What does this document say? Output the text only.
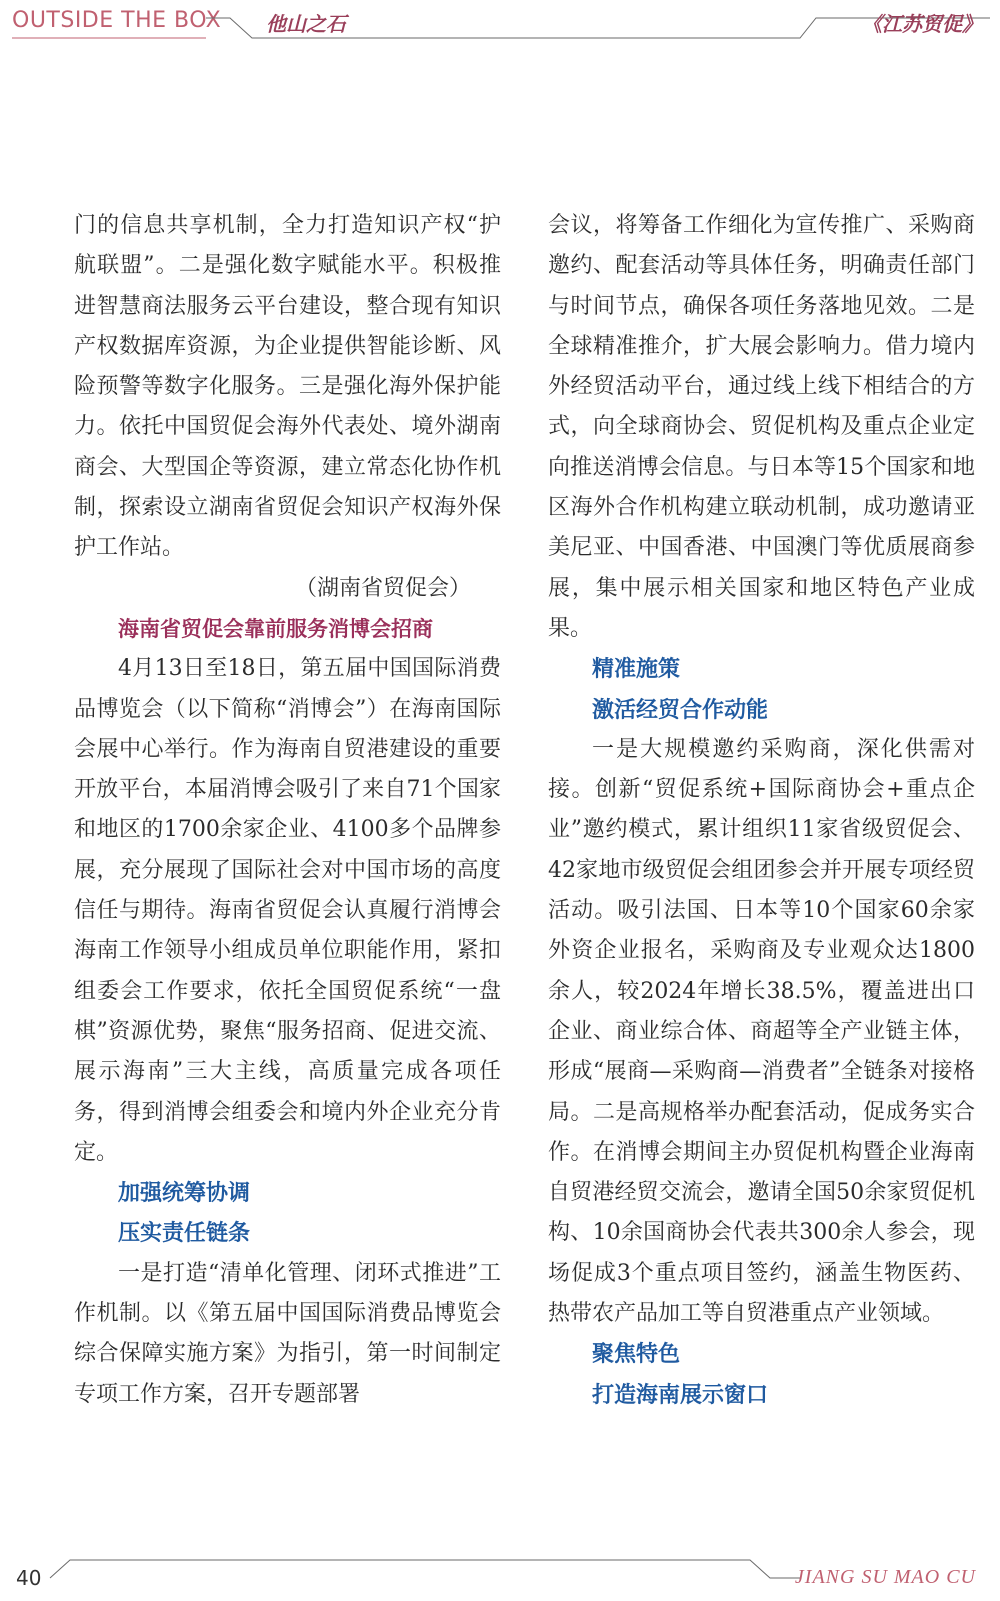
OUTSIDE THE BOX 他山之石	《江苏贸促》

门的信息共享机制，全力打造知识产权“护航联盟”。二是强化数字赋能水平。积极推进智慧商法服务云平台建设，整合现有知识产权数据库资源，为企业提供智能诊断、风险预警等数字化服务。三是强化海外保护能力。依托中国贸促会海外代表处、境外湖南商会、大型国企等资源，建立常态化协作机制，探索设立湖南省贸促会知识产权海外保护工作站。

（湖南省贸促会）

海南省贸促会靠前服务消博会招商

4月13日至18日，第五届中国国际消费品博览会（以下简称“消博会”）在海南国际会展中心举行。作为海南自贸港建设的重要开放平台，本届消博会吸引了来自71个国家和地区的1700余家企业、4100多个品牌参展，充分展现了国际社会对中国市场的高度信任与期待。海南省贸促会认真履行消博会海南工作领导小组成员单位职能作用，紧扣组委会工作要求，依托全国贸促系统“一盘棋”资源优势，聚焦“服务招商、促进交流、展示海南”三大主线，高质量完成各项任务，得到消博会组委会和境内外企业充分肯定。

加强统筹协调

压实责任链条

一是打造“清单化管理、闭环式推进”工作机制。以《第五届中国国际消费品博览会综合保障实施方案》为指引，第一时间制定专项工作方案，召开专题部署

会议，将筹备工作细化为宣传推广、采购商邀约、配套活动等具体任务，明确责任部门与时间节点，确保各项任务落地见效。二是全球精准推介，扩大展会影响力。借力境内外经贸活动平台，通过线上线下相结合的方式，向全球商协会、贸促机构及重点企业定向推送消博会信息。与日本等15个国家和地区海外合作机构建立联动机制，成功邀请亚美尼亚、中国香港、中国澳门等优质展商参展，集中展示相关国家和地区特色产业成果。

精准施策

激活经贸合作动能

一是大规模邀约采购商，深化供需对接。创新“贸促系统+国际商协会+重点企业”邀约模式，累计组织11家省级贸促会、42家地市级贸促会组团参会并开展专项经贸活动。吸引法国、日本等10个国家60余家外资企业报名，采购商及专业观众达1800余人，较2024年增长38.5%，覆盖进出口企业、商业综合体、商超等全产业链主体，形成“展商—采购商—消费者”全链条对接格局。二是高规格举办配套活动，促成务实合作。在消博会期间主办贸促机构暨企业海南自贸港经贸交流会，邀请全国50余家贸促机构、10余国商协会代表共300余人参会，现场促成3个重点项目签约，涵盖生物医药、热带农产品加工等自贸港重点产业领域。

聚焦特色

打造海南展示窗口

40	JIANG SU MAO CU
